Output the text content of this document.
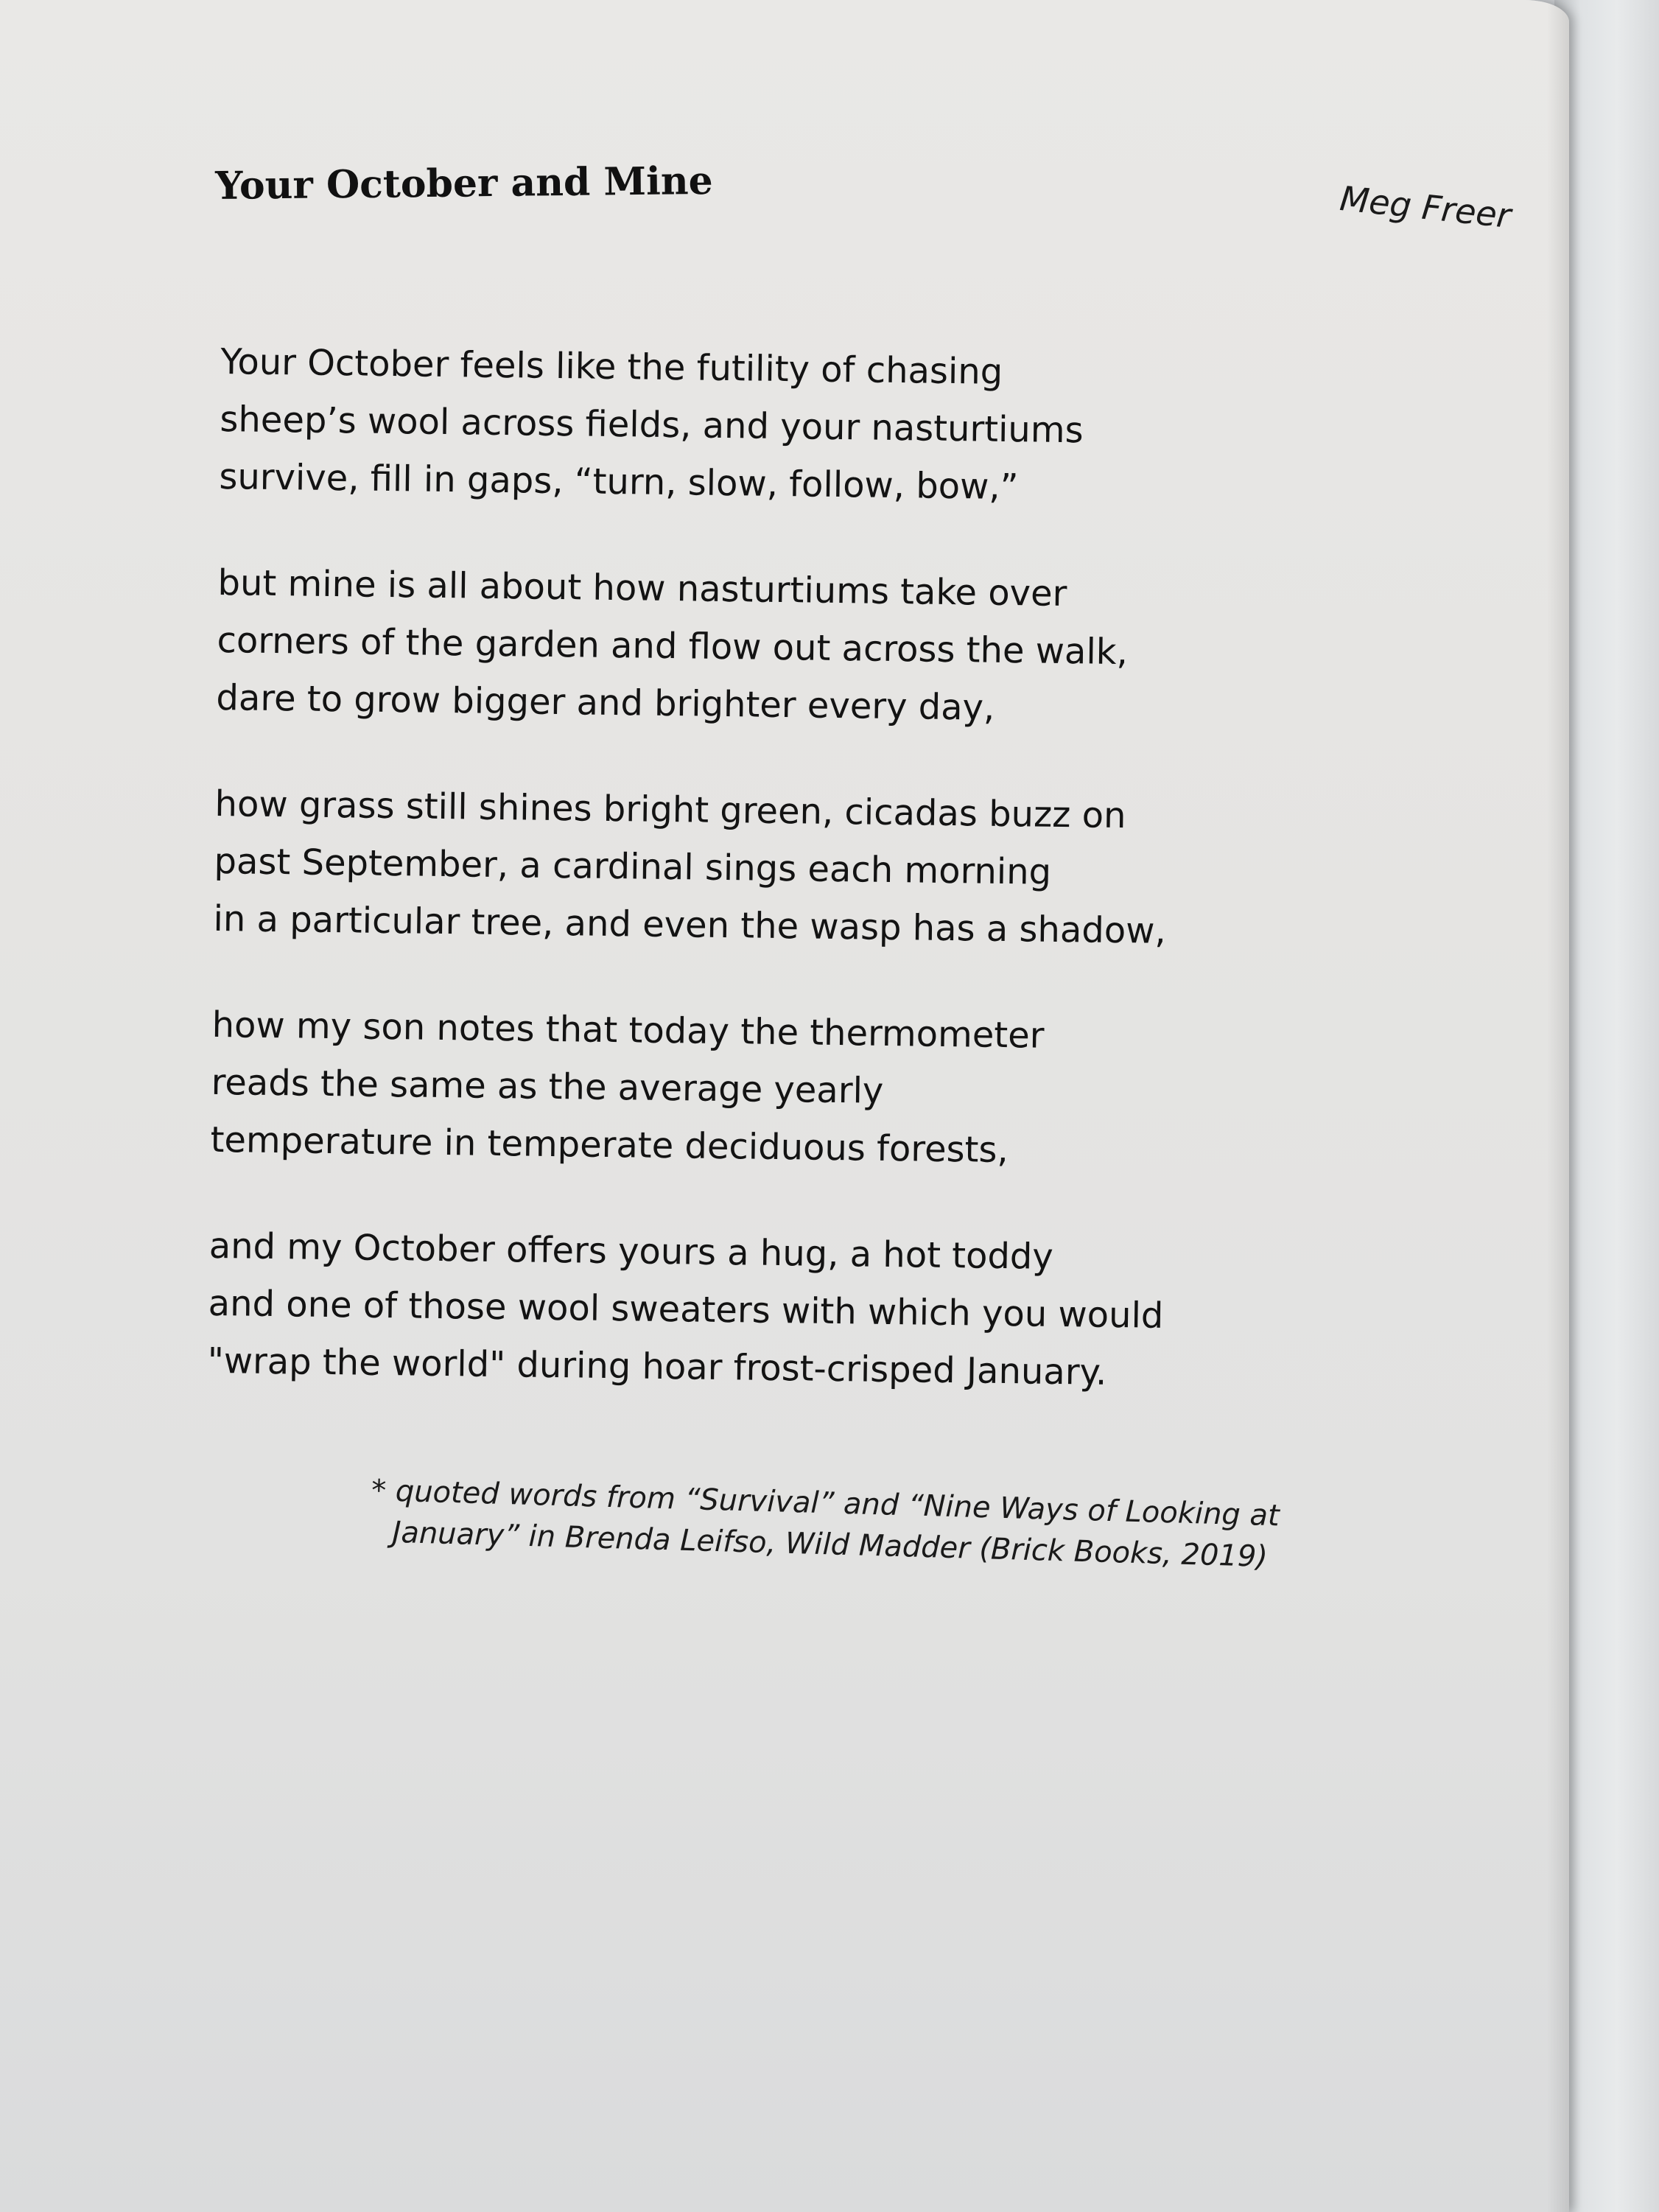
Your October and Mine	Meg Freer

Your October feels like the futility of chasing
sheep’s wool across fields, and your nasturtiums
survive, fill in gaps, “turn, slow, follow, bow,”

but mine is all about how nasturtiums take over
corners of the garden and flow out across the walk,
dare to grow bigger and brighter every day,

how grass still shines bright green, cicadas buzz on
past September, a cardinal sings each morning
in a particular tree, and even the wasp has a shadow,

how my son notes that today the thermometer
reads the same as the average yearly
temperature in temperate deciduous forests,

and my October offers yours a hug, a hot toddy
and one of those wool sweaters with which you would
"wrap the world" during hoar frost-crisped January.

* quoted words from “Survival” and “Nine Ways of Looking at
January” in Brenda Leifso, Wild Madder (Brick Books, 2019)
